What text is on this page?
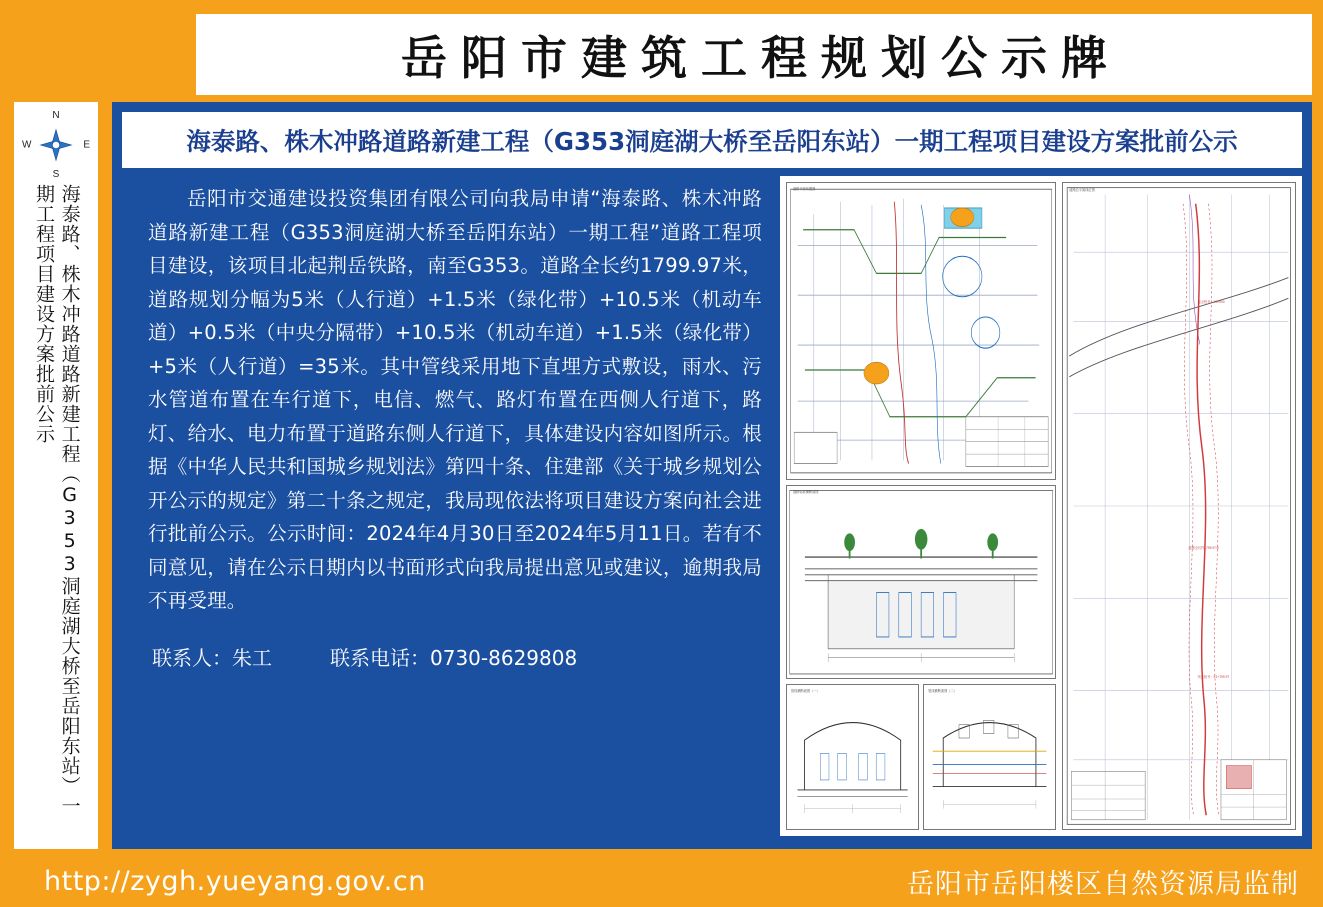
岳阳市建筑工程规划公示牌
N
S
W	E
海泰路、株木冲路道路新建工程（G353洞庭湖大桥至岳阳东站）一期工程项目建设方案批前公示
海泰路、株木冲路道路新建工程（G353洞庭湖大桥至岳阳东站）一期工程项目建设方案批前公示
岳阳市交通建设投资集团有限公司向我局申请“海泰路、株木冲路道路新建工程（G353洞庭湖大桥至岳阳东站）一期工程”道路工程项目建设，该项目北起荆岳铁路，南至G353。道路全长约1799.97米，道路规划分幅为5米（人行道）+1.5米（绿化带）+10.5米（机动车道）+0.5米（中央分隔带）+10.5米（机动车道）+1.5米（绿化带）+5米（人行道）=35米。其中管线采用地下直埋方式敷设，雨水、污水管道布置在车行道下，电信、燃气、路灯布置在西侧人行道下，路灯、给水、电力布置于道路东侧人行道下，具体建设内容如图所示。根据《中华人民共和国城乡规划法》第四十条、住建部《关于城乡规划公开公示的规定》第二十条之规定，我局现依法将项目建设方案向社会进行批前公示。公示时间：2024年4月30日至2024年5月11日。若有不同意见，请在公示日期内以书面形式向我局提出意见或建议，逾期我局不再受理。
联系人：朱工	联系电话：0730-8629808
道路平面布置图
道路标准横断面图
管线横断面图（一）	管线横断面图（二）
道路总平面线位图
起点桩号：K0+000
道路全长约1799.97米
终点桩号：K1+799.97
http://zygh.yueyang.gov.cn	岳阳市岳阳楼区自然资源局监制
